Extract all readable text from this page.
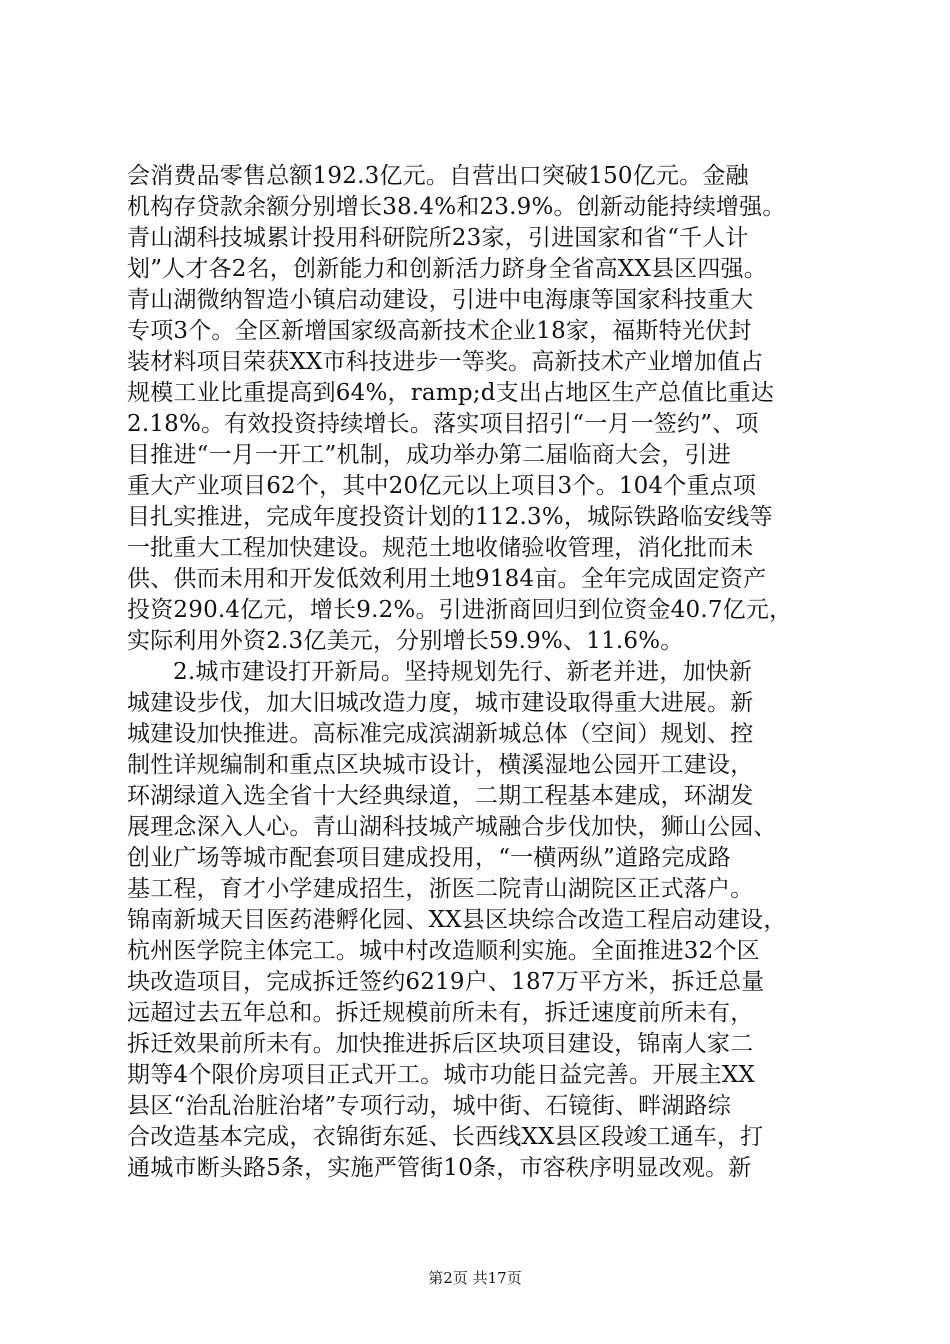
会消费品零售总额192.3亿元。自营出口突破150亿元。金融
机构存贷款余额分别增长38.4%和23.9%。创新动能持续增强。
青山湖科技城累计投用科研院所23家，引进国家和省“千人计
划”人才各2名，创新能力和创新活力跻身全省高XX县区四强。
青山湖微纳智造小镇启动建设，引进中电海康等国家科技重大
专项3个。全区新增国家级高新技术企业18家，福斯特光伏封
装材料项目荣获XX市科技进步一等奖。高新技术产业增加值占
规模工业比重提高到64%，ramp;d支出占地区生产总值比重达
2.18%。有效投资持续增长。落实项目招引“一月一签约”、项
目推进“一月一开工”机制，成功举办第二届临商大会，引进
重大产业项目62个，其中20亿元以上项目3个。104个重点项
目扎实推进，完成年度投资计划的112.3%，城际铁路临安线等
一批重大工程加快建设。规范土地收储验收管理，消化批而未
供、供而未用和开发低效利用土地9184亩。全年完成固定资产
投资290.4亿元，增长9.2%。引进浙商回归到位资金40.7亿元，
实际利用外资2.3亿美元，分别增长59.9%、11.6%。
2.城市建设打开新局。坚持规划先行、新老并进，加快新
城建设步伐，加大旧城改造力度，城市建设取得重大进展。新
城建设加快推进。高标准完成滨湖新城总体（空间）规划、控
制性详规编制和重点区块城市设计，横溪湿地公园开工建设，
环湖绿道入选全省十大经典绿道，二期工程基本建成，环湖发
展理念深入人心。青山湖科技城产城融合步伐加快，狮山公园、
创业广场等城市配套项目建成投用，“一横两纵”道路完成路
基工程，育才小学建成招生，浙医二院青山湖院区正式落户。
锦南新城天目医药港孵化园、XX县区块综合改造工程启动建设，
杭州医学院主体完工。城中村改造顺利实施。全面推进32个区
块改造项目，完成拆迁签约6219户、187万平方米，拆迁总量
远超过去五年总和。拆迁规模前所未有，拆迁速度前所未有，
拆迁效果前所未有。加快推进拆后区块项目建设，锦南人家二
期等4个限价房项目正式开工。城市功能日益完善。开展主XX
县区“治乱治脏治堵”专项行动，城中街、石镜街、畔湖路综
合改造基本完成，衣锦街东延、长西线XX县区段竣工通车，打
通城市断头路5条，实施严管街10条，市容秩序明显改观。新
第2页 共17页
